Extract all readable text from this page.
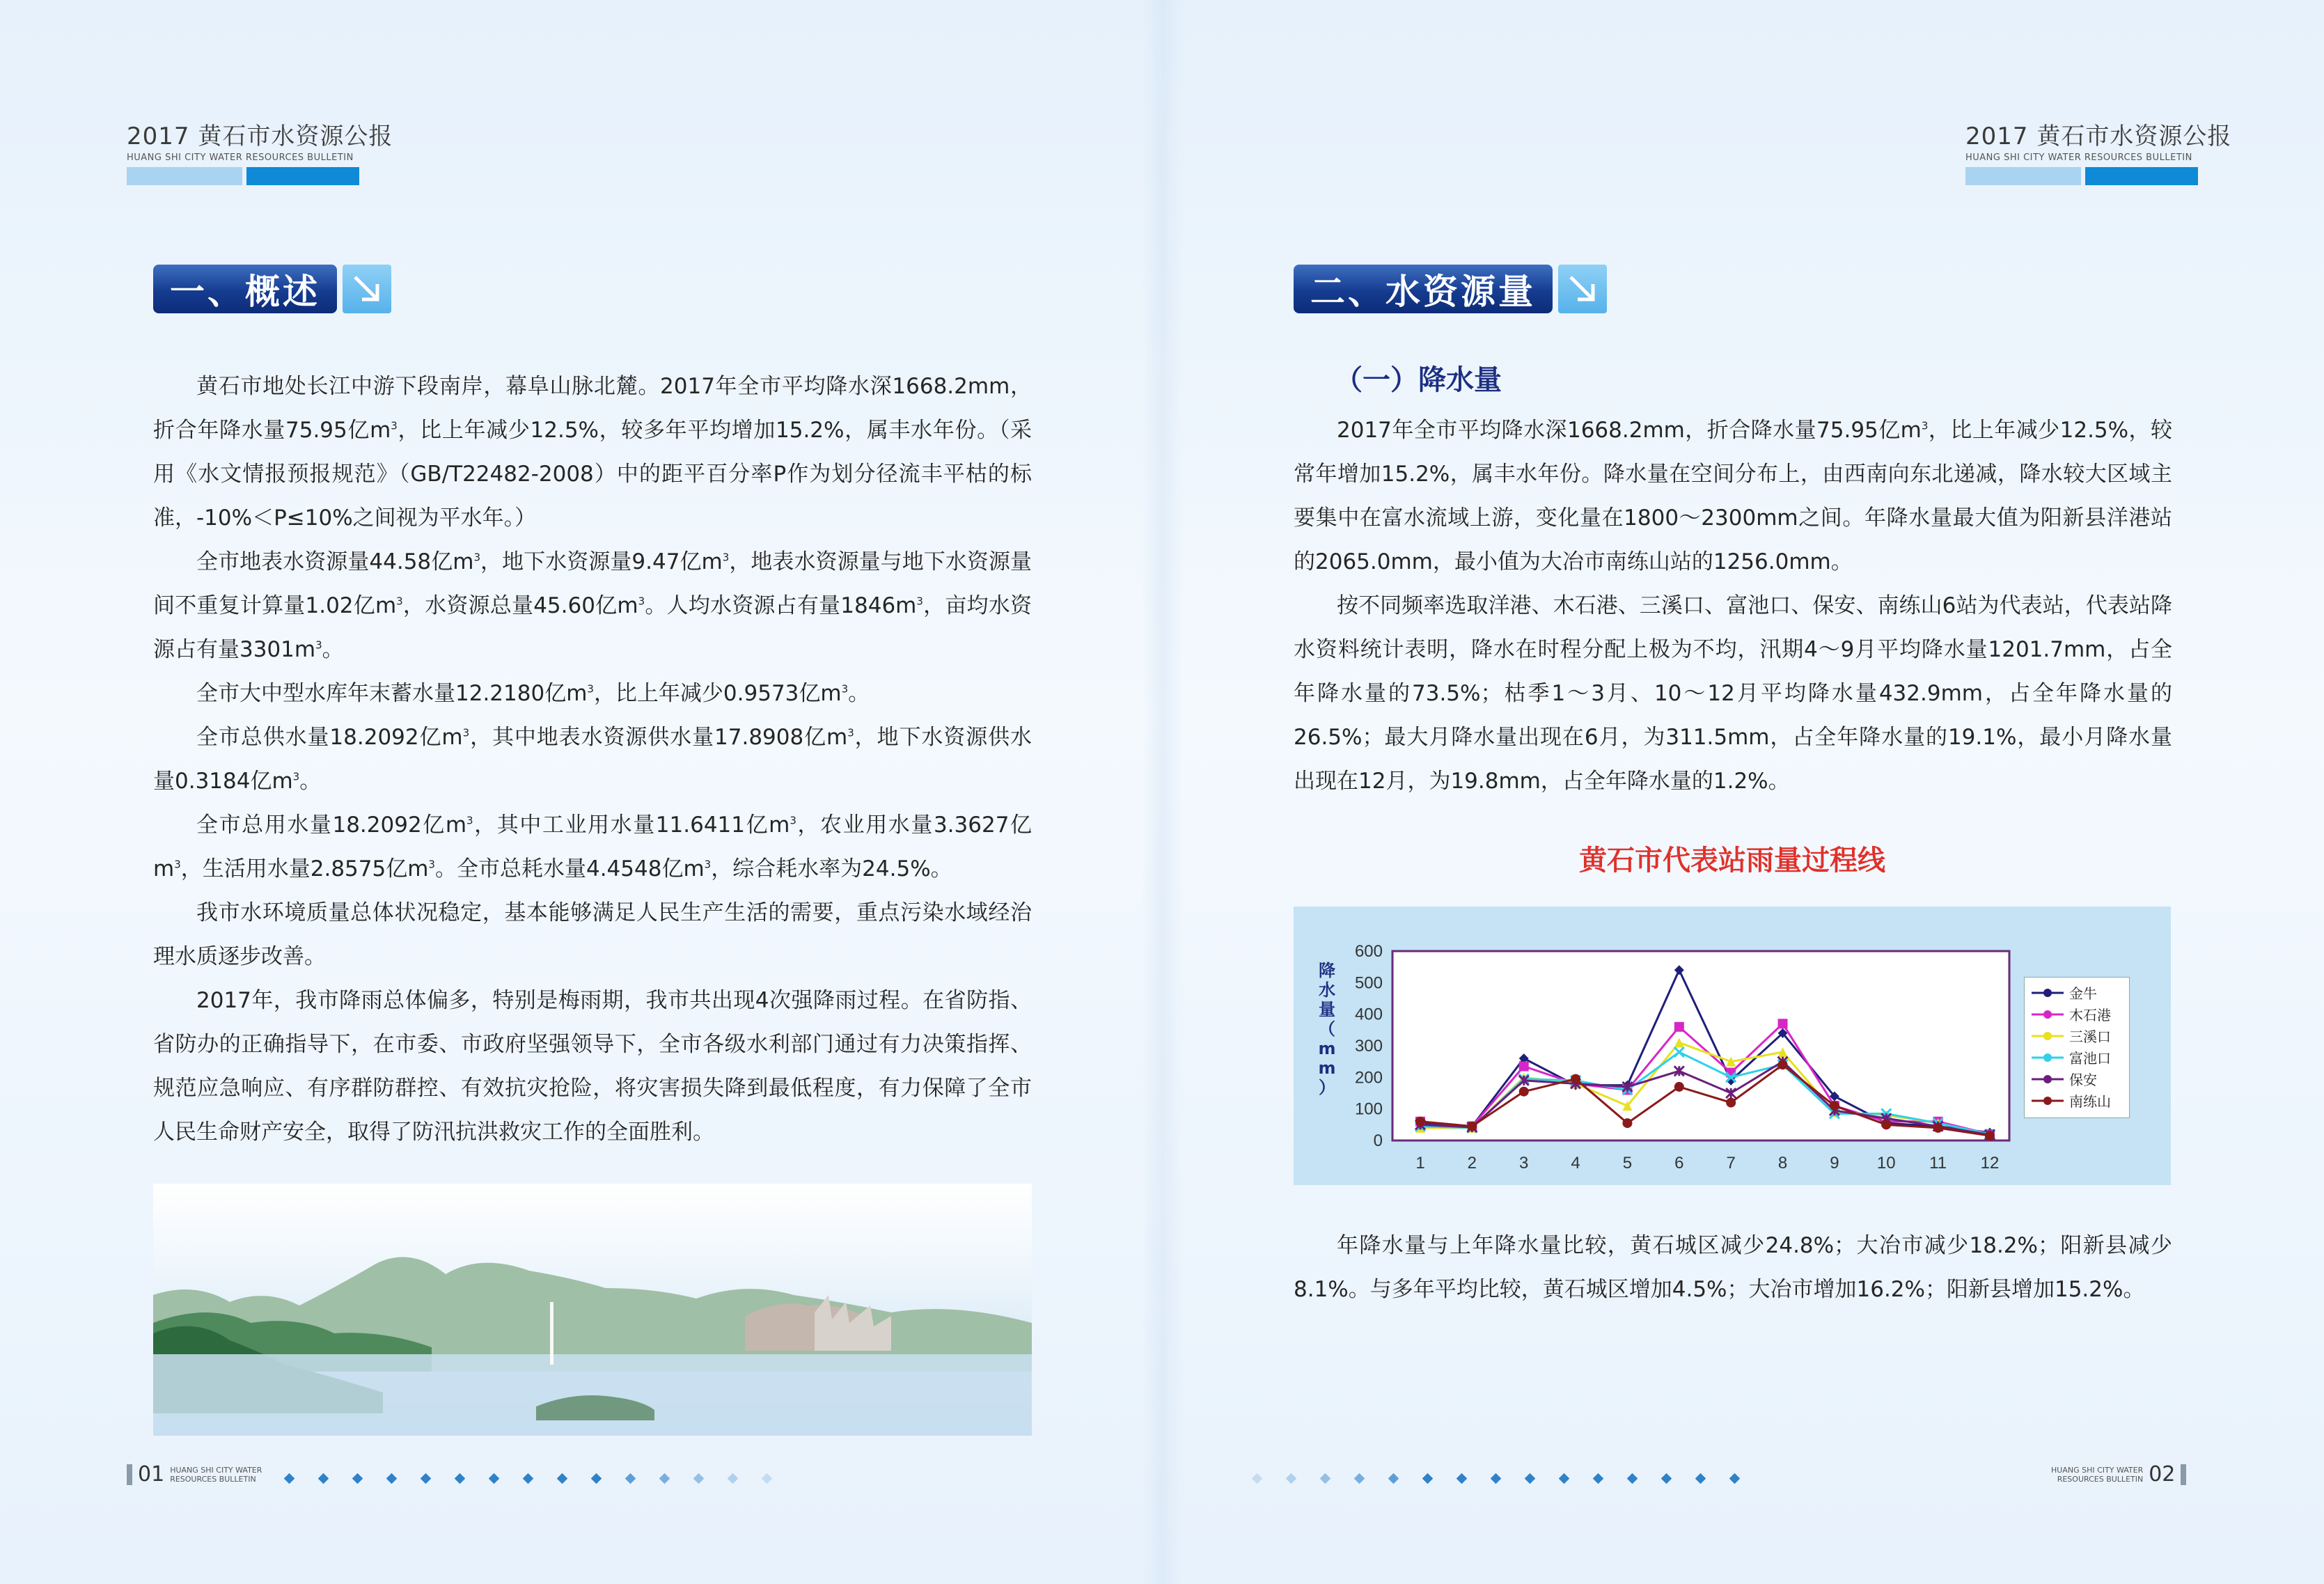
2017 黄石市水资源公报
HUANG SHI CITY WATER RESOURCES BULLETIN
一、概述

黄石市地处长江中游下段南岸，幕阜山脉北麓。2017年全市平均降水深1668.2mm，折合年降水量75.95亿$m^3$，比上年减少12.5%，较多年平均增加15.2%，属丰水年份。（采用《水文情报预报规范》（GB/T22482-2008）中的距平百分率P作为划分径流丰平枯的标准，-10%＜P≤10%之间视为平水年。）

全市地表水资源量44.58亿$m^3$，地下水资源量9.47亿$m^3$，地表水资源量与地下水资源量间不重复计算量1.02亿$m^3$，水资源总量45.60亿$m^3$。人均水资源占有量$1846m^3$，亩均水资源占有量$3301m^3$。

全市大中型水库年末蓄水量12.2180亿$m^3$，比上年减少0.9573亿$m^3$。

全市总供水量18.2092亿$m^3$，其中地表水资源供水量17.8908亿$m^3$，地下水资源供水量0.3184亿$m^3$。

全市总用水量18.2092亿$m^3$，其中工业用水量11.6411亿$m^3$，农业用水量3.3627亿$m^3$，生活用水量2.8575亿$m^3$。全市总耗水量4.4548亿$m^3$，综合耗水率为24.5%。

我市水环境质量总体状况稳定，基本能够满足人民生产生活的需要，重点污染水域经治理水质逐步改善。

2017年，我市降雨总体偏多，特别是梅雨期，我市共出现4次强降雨过程。在省防指、省防办的正确指导下，在市委、市政府坚强领导下，全市各级水利部门通过有力决策指挥、规范应急响应、有序群防群控、有效抗灾抢险，将灾害损失降到最低程度，有力保障了全市人民生命财产安全，取得了防汛抗洪救灾工作的全面胜利。

01 HUANG SHI CITY WATER
RESOURCES BULLETIN
2017 黄石市水资源公报
HUANG SHI CITY WATER RESOURCES BULLETIN
二、水资源量
（一）降水量

2017年全市平均降水深1668.2mm，折合降水量75.95亿$m^3$，比上年减少12.5%，较常年增加15.2%，属丰水年份。降水量在空间分布上，由西南向东北递减，降水较大区域主要集中在富水流域上游，变化量在1800～2300mm之间。年降水量最大值为阳新县洋港站的2065.0mm，最小值为大冶市南练山站的1256.0mm。

按不同频率选取洋港、木石港、三溪口、富池口、保安、南练山6站为代表站，代表站降水资料统计表明，降水在时程分配上极为不均，汛期4～9月平均降水量1201.7mm，占全年降水量的73.5%；枯季1～3月、10～12月平均降水量432.9mm，占全年降水量的26.5%；最大月降水量出现在6月，为311.5mm，占全年降水量的19.1%，最小月降水量出现在12月，为19.8mm，占全年降水量的1.2%。

黄石市代表站雨量过程线
0
100
200
300
400
500
600
1	2	3	4	5	6	7	8	9 10 11 12
降
水
量
（
m
m
）
金牛
木石港
三溪口
富池口
保安
南练山

年降水量与上年降水量比较，黄石城区减少24.8%；大冶市减少18.2%；阳新县减少8.1%。与多年平均比较，黄石城区增加4.5%；大冶市增加16.2%；阳新县增加15.2%。

HUANG SHI CITY WATER
RESOURCES BULLETIN 02
